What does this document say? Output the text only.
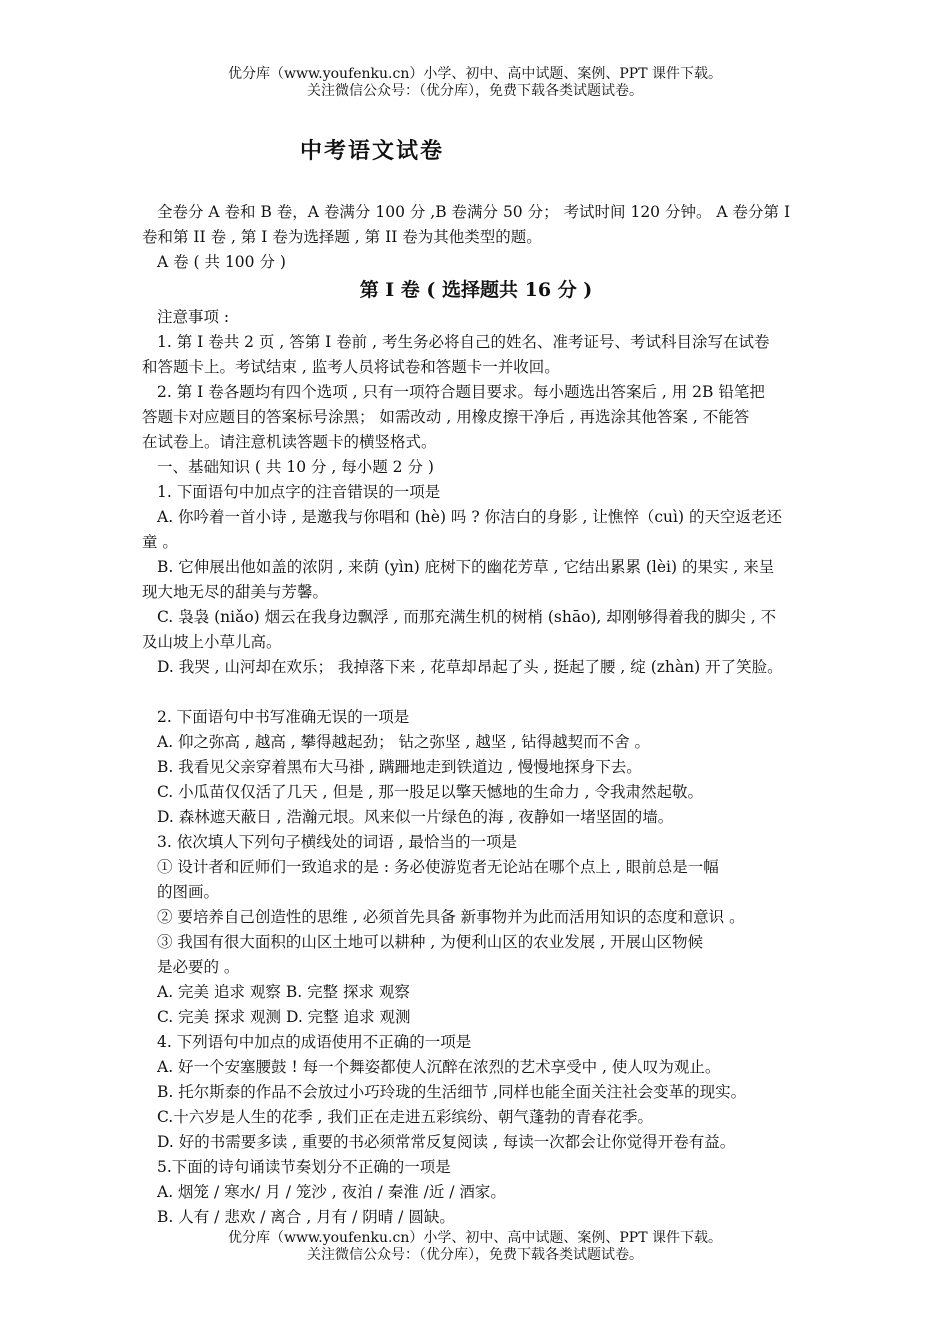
优分库（www.youfenku.cn）小学、初中、高中试题、案例、PPT 课件下载。
关注微信公众号：（优分库），免费下载各类试题试卷。
中考语文试卷
全卷分 A 卷和 B 卷，A 卷满分 100 分 ,B 卷满分 50 分； 考试时间 120 分钟。 A 卷分第 I
卷和第 II 卷 , 第 I 卷为选择题 , 第 II 卷为其他类型的题。
A 卷 ( 共 100 分 )
第 I 卷 ( 选择题共 16 分 )
注意事项 :
1. 第 I 卷共 2 页 , 答第 I 卷前 , 考生务必将自己的姓名、准考证号、考试科目涂写在试卷
和答题卡上。考试结束 , 监考人员将试卷和答题卡一并收回。
2. 第 I 卷各题均有四个选项 , 只有一项符合题目要求。每小题选出答案后 , 用 2B 铅笔把
答题卡对应题目的答案标号涂黑； 如需改动 , 用橡皮擦干净后 , 再选涂其他答案 , 不能答
在试卷上。请注意机读答题卡的横竖格式。
一、基础知识 ( 共 10 分 , 每小题 2 分 )
1. 下面语句中加点字的注音错误的一项是
A. 你吟着一首小诗 , 是邀我与你唱和 (hè) 吗 ? 你洁白的身影 , 让憔悴（cuì) 的天空返老还
童 。
B. 它伸展出他如盖的浓阴 , 来荫 (yìn) 庇树下的幽花芳草 , 它结出累累 (lèi) 的果实 , 来呈
现大地无尽的甜美与芳馨。
C. 袅袅 (niǎo) 烟云在我身边飘浮 , 而那充满生机的树梢 (shāo), 却刚够得着我的脚尖 , 不
及山坡上小草儿高。
D. 我哭 , 山河却在欢乐； 我掉落下来 , 花草却昂起了头 , 挺起了腰 , 绽 (zhàn) 开了笑脸。
2. 下面语句中书写准确无误的一项是
A. 仰之弥高 , 越高 , 攀得越起劲； 钻之弥坚 , 越坚 , 钻得越契而不舍 。
B. 我看见父亲穿着黑布大马褂 , 蹒跚地走到铁道边 , 慢慢地探身下去。
C. 小瓜苗仅仅活了几天 , 但是 , 那一股足以擎天憾地的生命力 , 令我肃然起敬。
D. 森林遮天蔽日 , 浩瀚元垠。风来似一片绿色的海 , 夜静如一堵坚固的墙。
3. 依次填人下列句子横线处的词语 , 最恰当的一项是
① 设计者和匠师们一致追求的是 : 务必使游览者无论站在哪个点上 , 眼前总是一幅
的图画。
② 要培养自己创造性的思维 , 必须首先具备 新事物并为此而活用知识的态度和意识 。
③ 我国有很大面积的山区土地可以耕种 , 为便利山区的农业发展 , 开展山区物候
是必要的 。
A. 完美 追求 观察 B. 完整 探求 观察
C. 完美 探求 观测 D. 完整 追求 观测
4. 下列语句中加点的成语使用不正确的一项是
A. 好一个安塞腰鼓 ! 每一个舞姿都使人沉醉在浓烈的艺术享受中 , 使人叹为观止。
B. 托尔斯泰的作品不会放过小巧玲珑的生活细节 ,同样也能全面关注社会变革的现实。
C.十六岁是人生的花季 , 我们正在走进五彩缤纷、朝气蓬勃的青春花季。
D. 好的书需要多读 , 重要的书必须常常反复阅读 , 每读一次都会让你觉得开卷有益。
5.下面的诗句诵读节奏划分不正确的一项是
A. 烟笼 / 寒水/ 月 / 笼沙 , 夜泊 / 秦淮 /近 / 酒家。
B. 人有 / 悲欢 / 离合 , 月有 / 阴晴 / 圆缺。
优分库（www.youfenku.cn）小学、初中、高中试题、案例、PPT 课件下载。
关注微信公众号：（优分库），免费下载各类试题试卷。
